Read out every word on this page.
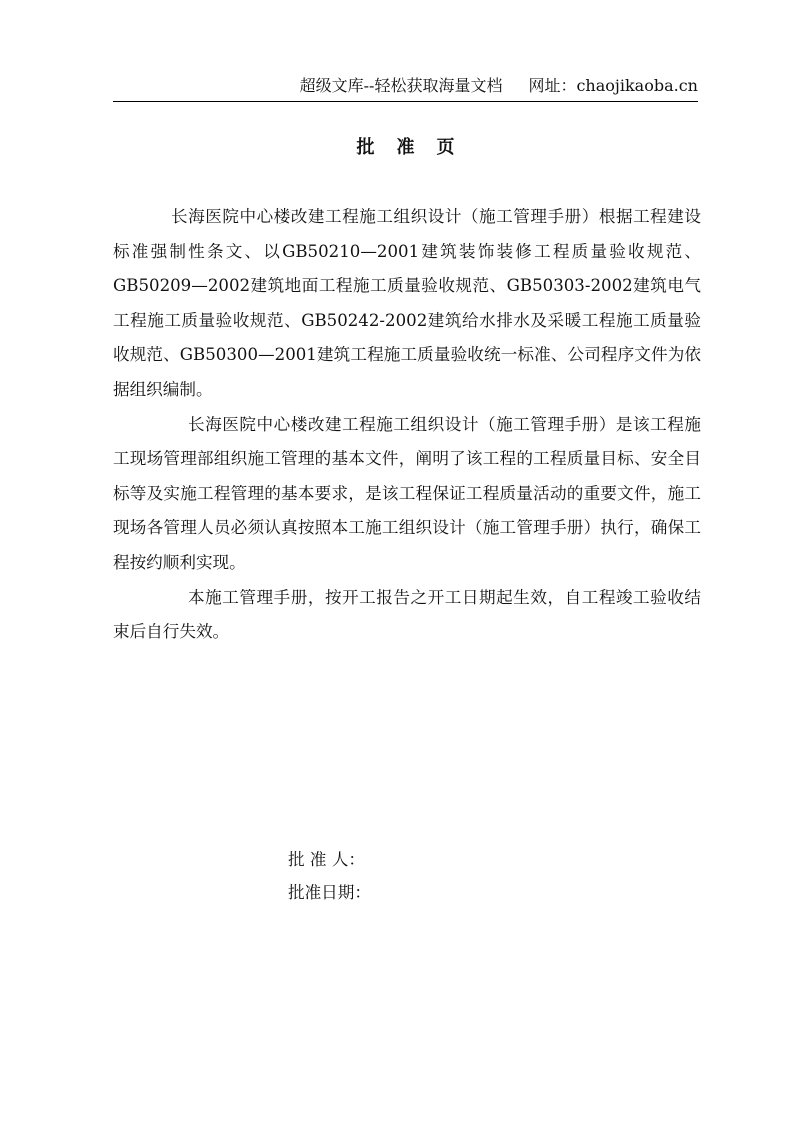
超级文库--轻松获取海量文档 网址：chaojikaoba.cn
批准页

长海医院中心楼改建工程施工组织设计（施工管理手册）根据工程建设标准强制性条文、以GB50210—2001建筑装饰装修工程质量验收规范、GB50209—2002建筑地面工程施工质量验收规范、GB50303-2002建筑电气工程施工质量验收规范、GB50242-2002建筑给水排水及采暖工程施工质量验收规范、GB50300—2001建筑工程施工质量验收统一标准、公司程序文件为依据组织编制。

长海医院中心楼改建工程施工组织设计（施工管理手册）是该工程施工现场管理部组织施工管理的基本文件，阐明了该工程的工程质量目标、安全目标等及实施工程管理的基本要求，是该工程保证工程质量活动的重要文件，施工现场各管理人员必须认真按照本工施工组织设计（施工管理手册）执行，确保工程按约顺利实现。

本施工管理手册，按开工报告之开工日期起生效，自工程竣工验收结束后自行失效。

批 准 人：
批准日期：
